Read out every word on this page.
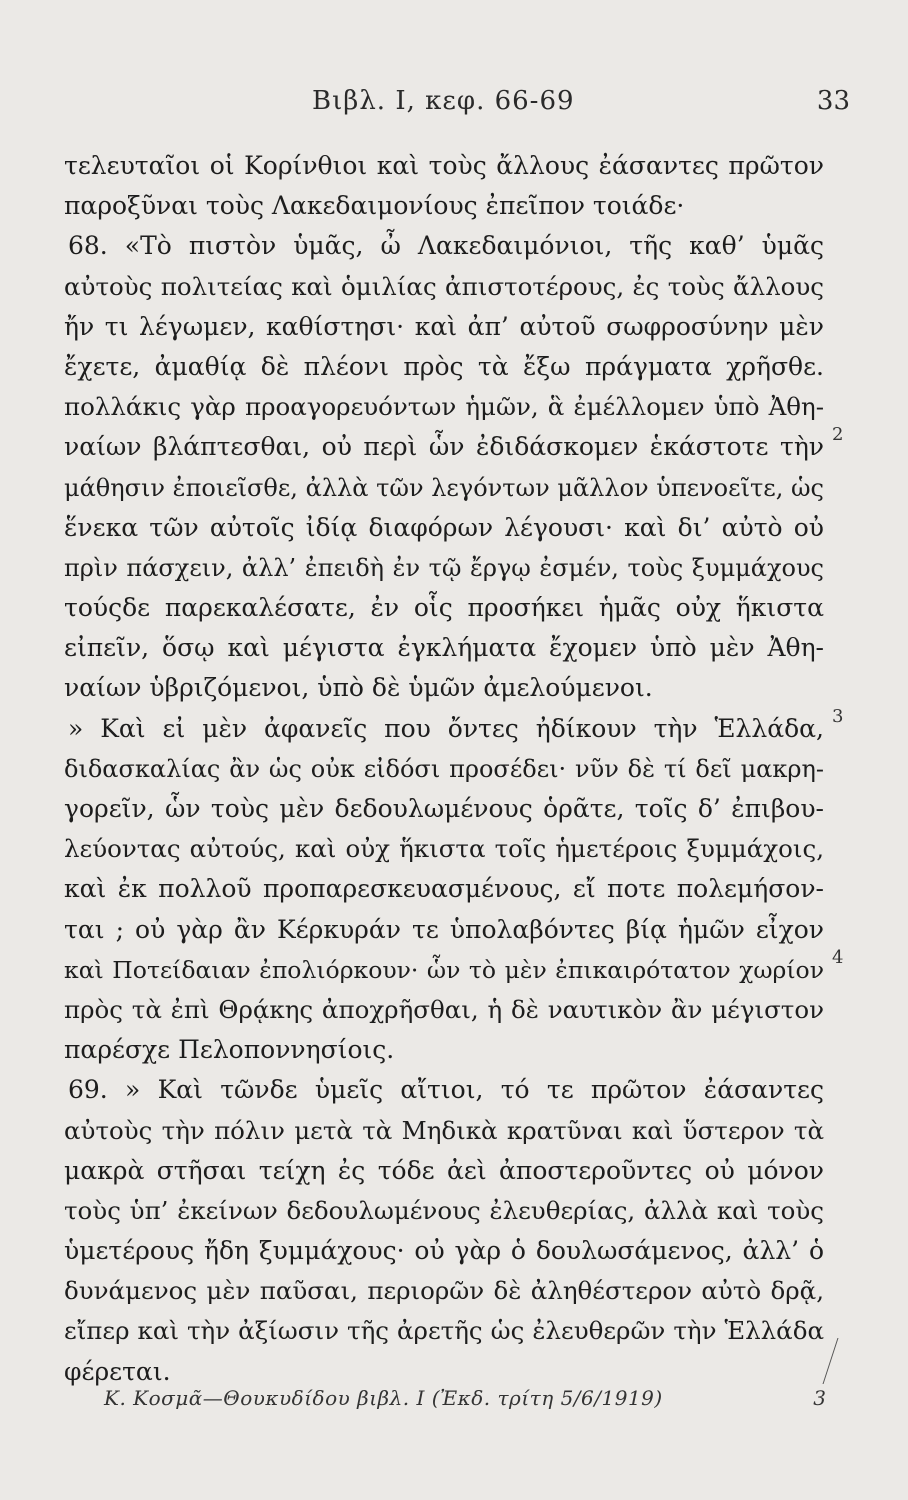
Βιβλ. Ι, κεφ. 66-69	33
τελευταῖοι οἱ Κορίνθιοι καὶ τοὺς ἄλλους ἐάσαντες πρῶτον
παροξῦναι τοὺς Λακεδαιμονίους ἐπεῖπον τοιάδε·
68. «Τὸ πιστὸν ὑμᾶς, ὦ Λακεδαιμόνιοι, τῆς καθ’ ὑμᾶς
αὐτοὺς πολιτείας καὶ ὁμιλίας ἀπιστοτέρους, ἐς τοὺς ἄλλους
ἤν τι λέγωμεν, καθίστησι· καὶ ἀπ’ αὐτοῦ σωφροσύνην μὲν
ἔχετε, ἀμαθίᾳ δὲ πλέονι πρὸς τὰ ἔξω πράγματα χρῆσθε.
πολλάκις γὰρ προαγορευόντων ἡμῶν, ἃ ἐμέλλομεν ὑπὸ Ἀθη-
ναίων βλάπτεσθαι, οὐ περὶ ὧν ἐδιδάσκομεν ἑκάστοτε τὴν
μάθησιν ἐποιεῖσθε, ἀλλὰ τῶν λεγόντων μᾶλλον ὑπενοεῖτε, ὡς
ἕνεκα τῶν αὐτοῖς ἰδίᾳ διαφόρων λέγουσι· καὶ δι’ αὐτὸ οὐ
πρὶν πάσχειν, ἀλλ’ ἐπειδὴ ἐν τῷ ἔργῳ ἐσμέν, τοὺς ξυμμάχους
τούςδε παρεκαλέσατε, ἐν οἷς προσήκει ἡμᾶς οὐχ ἥκιστα
εἰπεῖν, ὅσῳ καὶ μέγιστα ἐγκλήματα ἔχομεν ὑπὸ μὲν Ἀθη-
ναίων ὑβριζόμενοι, ὑπὸ δὲ ὑμῶν ἀμελούμενοι.
» Καὶ εἰ μὲν ἀφανεῖς που ὄντες ἠδίκουν τὴν Ἑλλάδα,
διδασκαλίας ἂν ὡς οὐκ εἰδόσι προσέδει· νῦν δὲ τί δεῖ μακρη-
γορεῖν, ὧν τοὺς μὲν δεδουλωμένους ὁρᾶτε, τοῖς δ’ ἐπιβου-
λεύοντας αὐτούς, καὶ οὐχ ἥκιστα τοῖς ἡμετέροις ξυμμάχοις,
καὶ ἐκ πολλοῦ προπαρεσκευασμένους, εἴ ποτε πολεμήσον-
ται ; οὐ γὰρ ἂν Κέρκυράν τε ὑπολαβόντες βίᾳ ἡμῶν εἶχον
καὶ Ποτείδαιαν ἐπολιόρκουν· ὧν τὸ μὲν ἐπικαιρότατον χωρίον
πρὸς τὰ ἐπὶ Θρᾴκης ἀποχρῆσθαι, ἡ δὲ ναυτικὸν ἂν μέγιστον
παρέσχε Πελοποννησίοις.
69. » Καὶ τῶνδε ὑμεῖς αἴτιοι, τό τε πρῶτον ἐάσαντες
αὐτοὺς τὴν πόλιν μετὰ τὰ Μηδικὰ κρατῦναι καὶ ὕστερον τὰ
μακρὰ στῆσαι τείχη ἐς τόδε ἀεὶ ἀποστεροῦντες οὐ μόνον
τοὺς ὑπ’ ἐκείνων δεδουλωμένους ἐλευθερίας, ἀλλὰ καὶ τοὺς
ὑμετέρους ἤδη ξυμμάχους· οὐ γὰρ ὁ δουλωσάμενος, ἀλλ’ ὁ
δυνάμενος μὲν παῦσαι, περιορῶν δὲ ἀληθέστερον αὐτὸ δρᾷ,
εἴπερ καὶ τὴν ἀξίωσιν τῆς ἀρετῆς ὡς ἐλευθερῶν τὴν Ἑλλάδα
φέρεται.
2
3
4
Κ. Κοσμᾶ—Θουκυδίδου βιβλ. Ι (Ἐκδ. τρίτη 5/6/1919)	3
